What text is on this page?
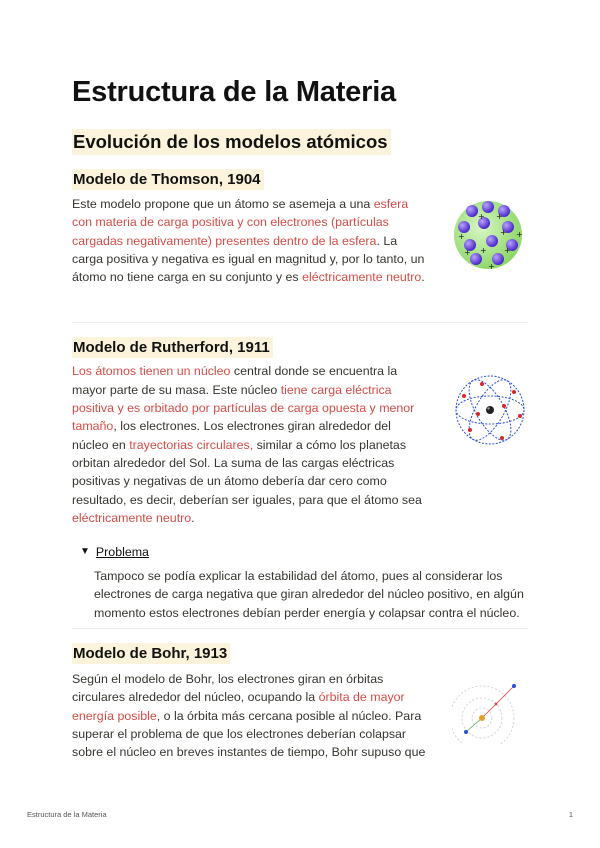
Estructura de la Materia
Evolución de los modelos atómicos
Modelo de Thomson, 1904

Este modelo propone que un átomo se asemeja a una esfera con materia de carga positiva y con electrones (partículas cargadas negativamente) presentes dentro de la esfera. La carga positiva y negativa es igual en magnitud y, por lo tanto, un átomo no tiene carga en su conjunto y es eléctricamente neutro.

+ +
+	+ +
+ +
+
+
Modelo de Rutherford, 1911

Los átomos tienen un núcleo central donde se encuentra la mayor parte de su masa. Este núcleo tiene carga eléctrica positiva y es orbitado por partículas de carga opuesta y menor tamaño, los electrones. Los electrones giran alrededor del núcleo en trayectorias circulares, similar a cómo los planetas orbitan alrededor del Sol. La suma de las cargas eléctricas positivas y negativas de un átomo debería dar cero como resultado, es decir, deberían ser iguales, para que el átomo sea eléctricamente neutro.

▼ Problema

Tampoco se podía explicar la estabilidad del átomo, pues al considerar los electrones de carga negativa que giran alrededor del núcleo positivo, en algún momento estos electrones debían perder energía y colapsar contra el núcleo.

Modelo de Bohr, 1913

Según el modelo de Bohr, los electrones giran en órbitas circulares alrededor del núcleo, ocupando la órbita de mayor energía posible, o la órbita más cercana posible al núcleo. Para superar el problema de que los electrones deberían colapsar sobre el núcleo en breves instantes de tiempo, Bohr supuso que

Estructura de la Materia	1
